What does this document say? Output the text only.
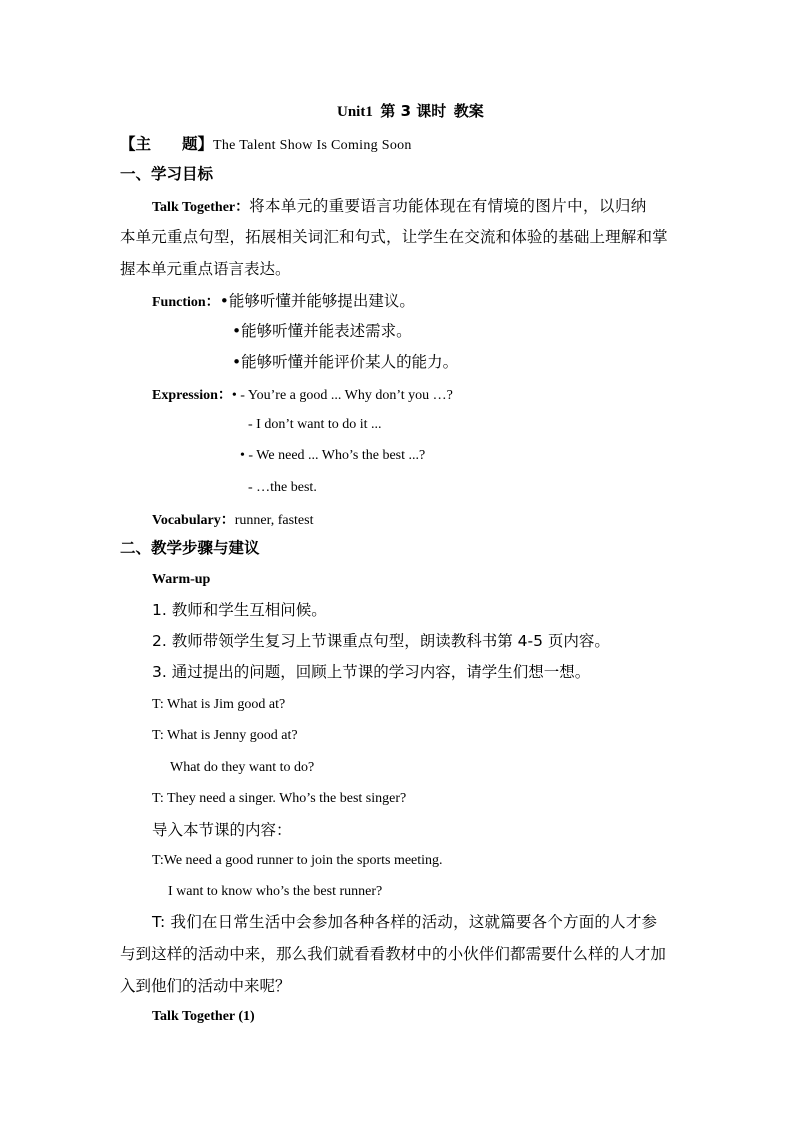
Unit1 第 3 课时 教案
【主　　题】The Talent Show Is Coming Soon
一、学习目标
Talk Together：将本单元的重要语言功能体现在有情境的图片中，以归纳
本单元重点句型，拓展相关词汇和句式，让学生在交流和体验的基础上理解和掌
握本单元重点语言表达。
Function：•能够听懂并能够提出建议。
•能够听懂并能表述需求。
•能够听懂并能评价某人的能力。
Expression：• - You’re a good ... Why don’t you …?
- I don’t want to do it ...
• - We need ... Who’s the best ...?
- …the best.
Vocabulary：runner, fastest
二、教学步骤与建议
Warm-up
1. 教师和学生互相问候。
2. 教师带领学生复习上节课重点句型，朗读教科书第 4-5 页内容。
3. 通过提出的问题，回顾上节课的学习内容，请学生们想一想。
T: What is Jim good at?
T: What is Jenny good at?
What do they want to do?
T: They need a singer. Who’s the best singer?
导入本节课的内容：
T:We need a good runner to join the sports meeting.
I want to know who’s the best runner?
T: 我们在日常生活中会参加各种各样的活动，这就篇要各个方面的人才参
与到这样的活动中来，那么我们就看看教材中的小伙伴们都需要什么样的人才加
入到他们的活动中来呢？
Talk Together (1)
